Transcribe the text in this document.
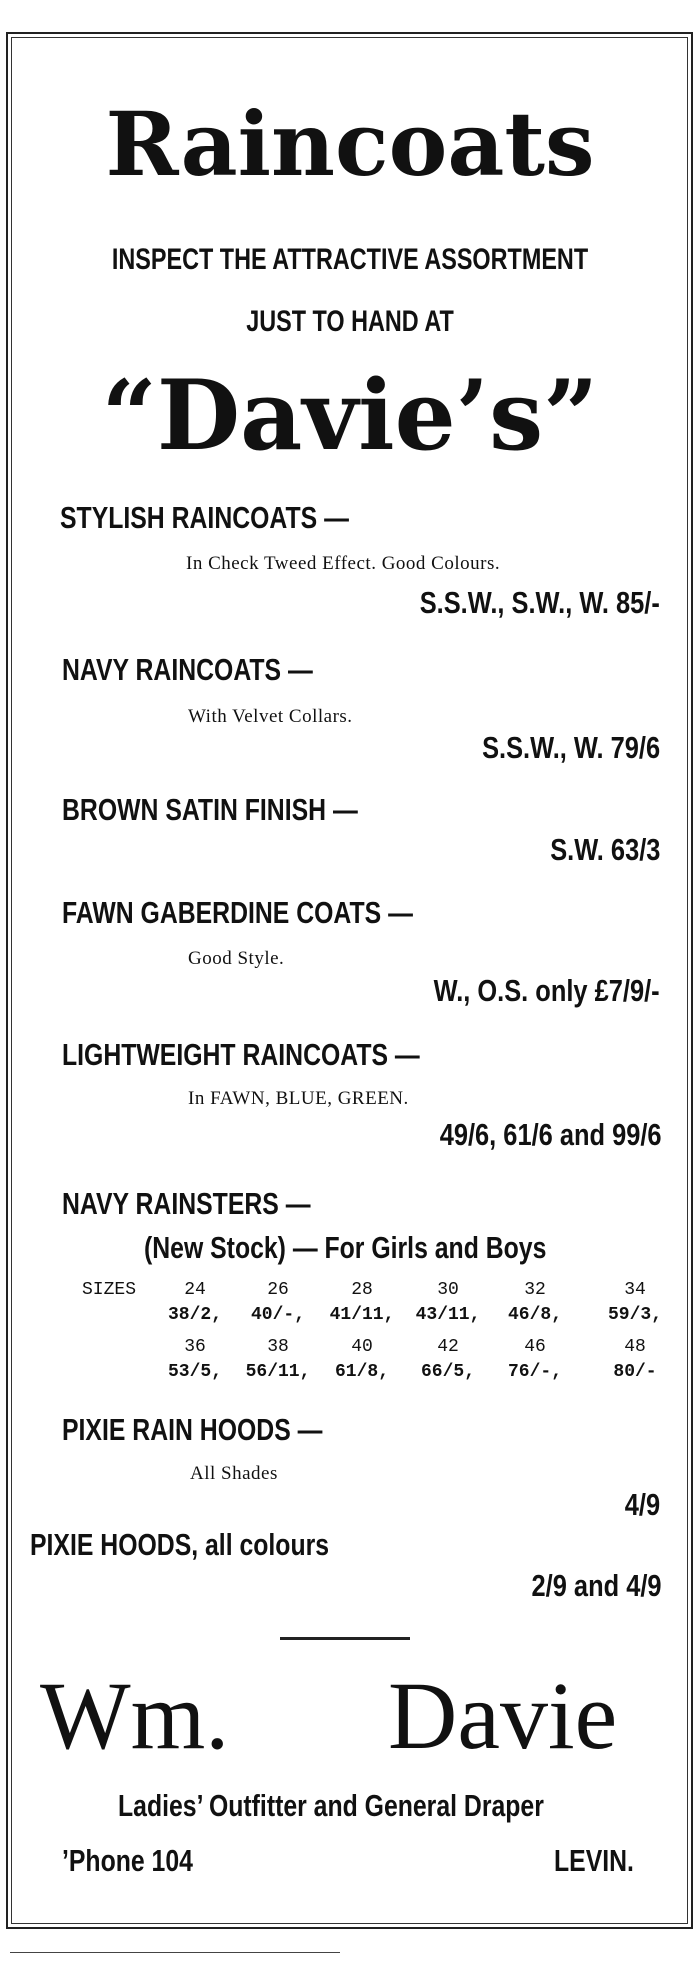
Raincoats
INSPECT THE ATTRACTIVE ASSORTMENT
JUST TO HAND AT
“Davie’s”
STYLISH RAINCOATS —
In Check Tweed Effect. Good Colours.
S.S.W., S.W., W. 85/-
NAVY RAINCOATS —
With Velvet Collars.
S.S.W., W. 79/6
BROWN SATIN FINISH —
S.W. 63/3
FAWN GABERDINE COATS —
Good Style.
W., O.S. only £7/9/-
LIGHTWEIGHT RAINCOATS —
In FAWN, BLUE, GREEN.
49/6, 61/6 and 99/6
NAVY RAINSTERS —
(New Stock) — For Girls and Boys
SIZES	24	26	28	30	32	34
38/2,	40/-,	41/11,	43/11,	46/8,	59/3,
36	38	40	42	46	48
53/5,	56/11,	61/8,	66/5,	76/-,	80/-
PIXIE RAIN HOODS —
All Shades
4/9
PIXIE HOODS, all colours
2/9 and 4/9
Wm. Davie
Ladies’ Outfitter and General Draper
’Phone 104	LEVIN.
